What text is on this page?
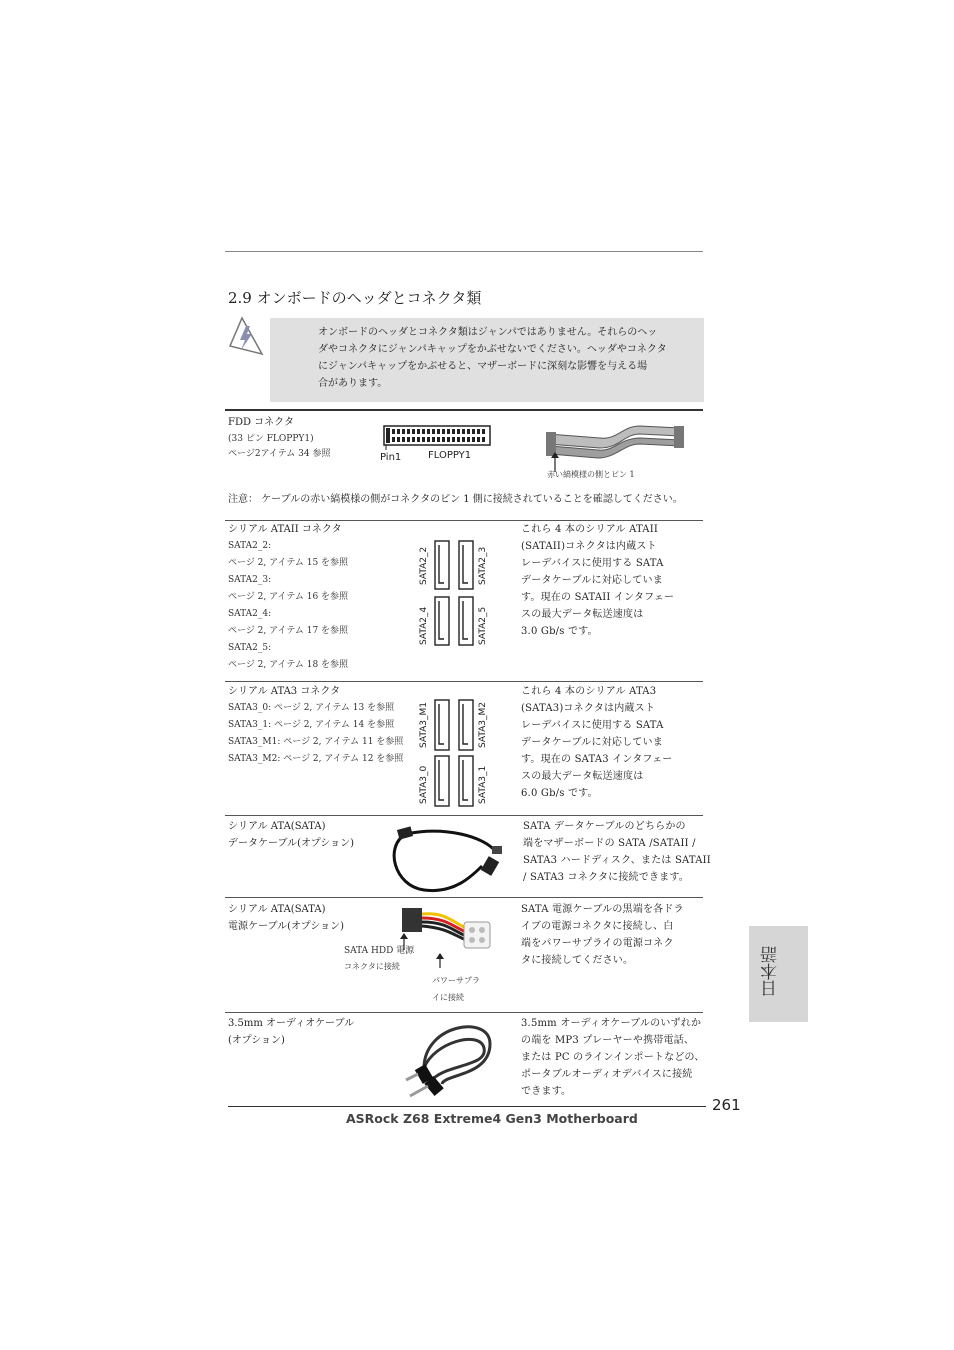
2.9 オンボードのヘッダとコネクタ類
オンボードのヘッダとコネクタ類はジャンパではありません。それらのヘッ
ダやコネクタにジャンパキャップをかぶせないでください。ヘッダやコネクタ
にジャンパキャップをかぶせると、マザーボードに深刻な影響を与える場
合があります。
FDD コネクタ
(33 ピン FLOPPY1)
ページ2アイテム 34 参照	Pin1	FLOPPY1
赤い縞模様の側とピン 1
注意： ケーブルの赤い縞模様の側がコネクタのピン 1 側に接続されていることを確認してください。
シリアル ATAII コネクタ
SATA2_2:
ページ 2, アイテム 15 を参照
SATA2_3:
ページ 2, アイテム 16 を参照
SATA2_4:
ページ 2, アイテム 17 を参照
SATA2_5:
ページ 2, アイテム 18 を参照
SATA2_2	SATA2_3
SATA2_4	SATA2_5
これら 4 本のシリアル ATAII
(SATAII)コネクタは内蔵スト
レーデバイスに使用する SATA
データケーブルに対応していま
す。現在の SATAII インタフェー
スの最大データ転送速度は
3.0 Gb/s です。
シリアル ATA3 コネクタ
SATA3_0: ページ 2, アイテム 13 を参照
SATA3_1: ページ 2, アイテム 14 を参照
SATA3_M1: ページ 2, アイテム 11 を参照
SATA3_M2: ページ 2, アイテム 12 を参照
SATA3_M1	SATA3_M2
SATA3_0	SATA3_1
これら 4 本のシリアル ATA3
(SATA3)コネクタは内蔵スト
レーデバイスに使用する SATA
データケーブルに対応していま
す。現在の SATA3 インタフェー
スの最大データ転送速度は
6.0 Gb/s です。
シリアル ATA(SATA)
データケーブル(オプション)
SATA データケーブルのどちらかの
端をマザーボードの SATA /SATAII /
SATA3 ハードディスク、または SATAII
/ SATA3 コネクタに接続できます。
シリアル ATA(SATA)
電源ケーブル(オプション)
SATA HDD 電源
コネクタに接続
パワーサプラ
イに接続
SATA 電源ケーブルの黒端を各ドラ
イブの電源コネクタに接続し、白
端をパワーサプライの電源コネク
タに接続してください。
3.5mm オーディオケーブル
(オプション)
3.5mm オーディオケーブルのいずれか
の端を MP3 プレーヤーや携帯電話、
または PC のラインインポートなどの、
ポータブルオーディオデバイスに接続
できます。
日本語
261
ASRock Z68 Extreme4 Gen3 Motherboard
